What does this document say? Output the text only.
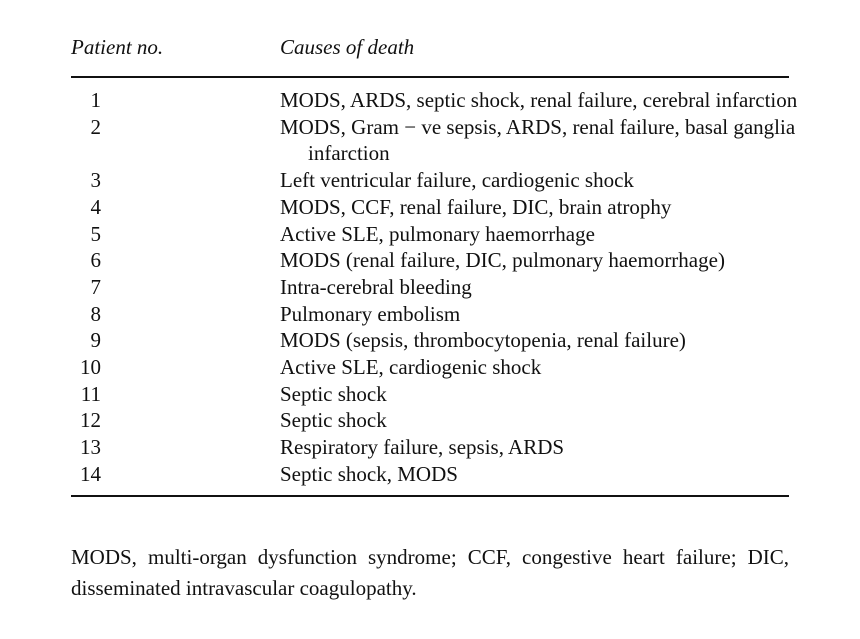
Patient no.	Causes of death
1	MODS, ARDS, septic shock, renal failure, cerebral infarction
2	MODS, Gram − ve sepsis, ARDS, renal failure, basal ganglia infarction
3	Left ventricular failure, cardiogenic shock
4	MODS, CCF, renal failure, DIC, brain atrophy
5	Active SLE, pulmonary haemorrhage
6	MODS (renal failure, DIC, pulmonary haemorrhage)
7	Intra-cerebral bleeding
8	Pulmonary embolism
9	MODS (sepsis, thrombocytopenia, renal failure)
10	Active SLE, cardiogenic shock
11	Septic shock
12	Septic shock
13	Respiratory failure, sepsis, ARDS
14	Septic shock, MODS
MODS, multi-organ dysfunction syndrome; CCF, congestive heart failure; DIC, disseminated intravascular coagulopathy.
